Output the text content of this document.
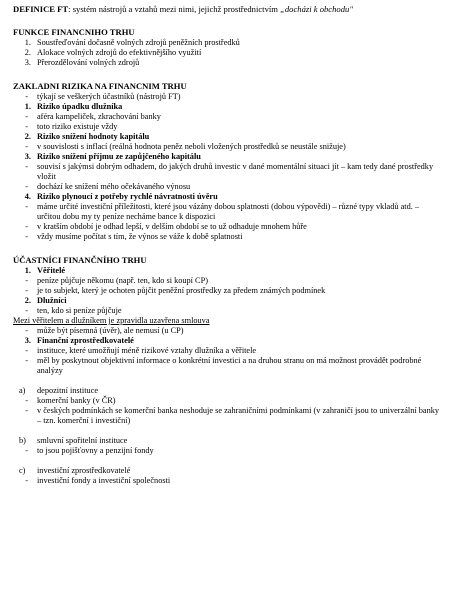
DEFINICE FT: systém nástrojů a vztahů mezi nimi, jejichž prostřednictvím „docházi k obchodu"

FUNKCE FINANCNIHO TRHU
1. Soustřeďování dočasně volných zdrojů peněžních prostředků
2. Alokace volných zdrojů do efektivnějšího využití
3. Přerozdělování volných zdrojů
ZAKLADNI RIZIKA NA FINANCNIM TRHU
-	týkají se veškerých účastníků (nástrojů FT)
1. Riziko úpadku dlužníka
-	aféra kampeliček, zkrachování banky
-	toto riziko existuje vždy
2. Riziko snížení hodnoty kapitálu
-	v souvislosti s inflací (reálná hodnota peněz neboli vložených prostředků se neustále snižuje)
3. Riziko snížení příjmu ze zapůjčeného kapitálu
-	souvisí s jakýmsi dobrým odhadem, do jakých druhů investic v dané momentální situaci jít – kam tedy dané prostředky vložit
-	dochází ke snížení mého očekávaného výnosu
4. Riziko plynoucí z potřeby rychlé návratnosti úvěru
-	máme určité investiční příležitosti, které jsou vázány dobou splatnosti (dobou výpovědi) – různé typy vkladů atd. – určitou dobu my ty peníze necháme bance k dispozici
-	v kratším období je odhad lepší, v delším období se to už odhaduje mnohem hůře
-	vždy musíme počítat s tím, že výnos se váže k době splatnosti
ÚČASTNÍCI FINANČNÍHO TRHU
1. Věřitelé
-	peníze půjčuje někomu (např. ten, kdo si koupí CP)
-	je to subjekt, který je ochoten půjčit peněžní prostředky za předem známých podmínek
2. Dlužníci
-	ten, kdo si peníze půjčuje
Mezi věřitelem a dlužníkem je zpravidla uzavřena smlouva
-	může být písemná (úvěr), ale nemusí (u CP)
3. Finanční zprostředkovatelé
-	instituce, které umožňují méně rizikové vztahy dlužníka a věřitele
-	měl by poskytnout objektivní informace o konkrétní investici a na druhou stranu on má možnost provádět podrobné analýzy
a)	depozitní instituce
-	komerční banky (v ČR)
-	v českých podmínkách se komerční banka neshoduje se zahraničními podmínkami (v zahraničí jsou to univerzální banky – tzn. komerční i investiční)
b)	smluvní spořitelní instituce
-	to jsou pojišťovny a penzijní fondy
c)	investiční zprostředkovatelé
-	investiční fondy a investiční společnosti
